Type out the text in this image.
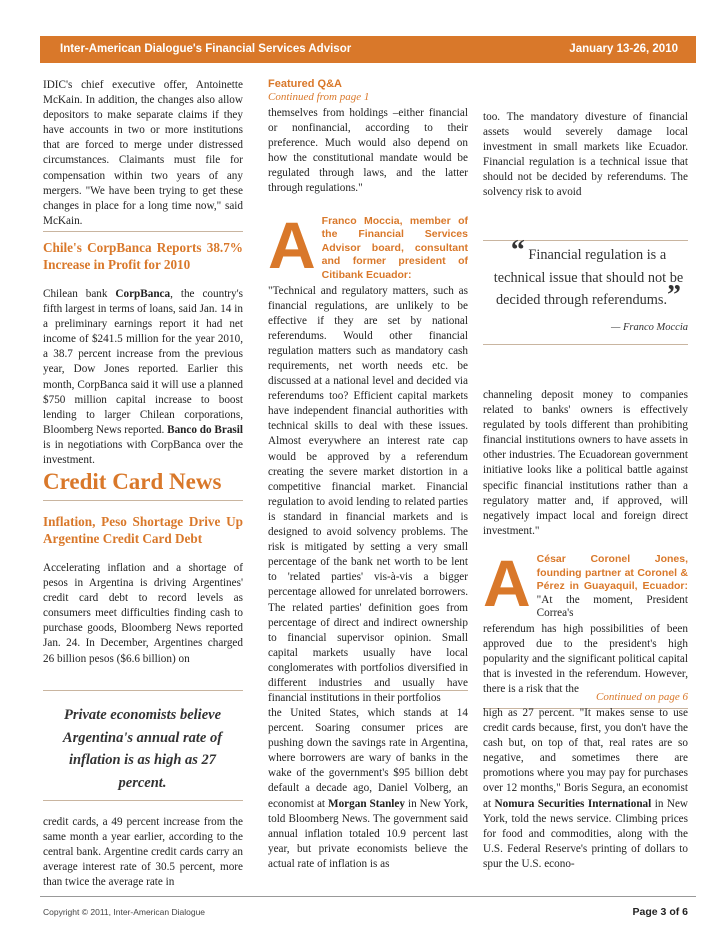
Inter-American Dialogue's Financial Services Advisor	January 13-26, 2010

IDIC's chief executive offer, Antoinette McKain. In addition, the changes also allow depositors to make separate claims if they have accounts in two or more institutions that are forced to merge under distressed circumstances. Claimants must file for compensation within two years of any mergers. "We have been trying to get these changes in place for a long time now," said McKain.

Chile's CorpBanca Reports 38.7% Increase in Profit for 2010

Chilean bank CorpBanca, the country's fifth largest in terms of loans, said Jan. 14 in a preliminary earnings report it had net income of $241.5 million for the year 2010, a 38.7 percent increase from the previous year, Dow Jones reported. Earlier this month, CorpBanca said it will use a planned $750 million capital increase to boost lending to larger Chilean corporations, Bloomberg News reported. Banco do Brasil is in negotiations with CorpBanca over the investment.

Credit Card News

Inflation, Peso Shortage Drive Up Argentine Credit Card Debt

Accelerating inflation and a shortage of pesos in Argentina is driving Argentines' credit card debt to record levels as consumers meet difficulties finding cash to purchase goods, Bloomberg News reported Jan. 24. In December, Argentines charged 26 billion pesos ($6.6 billion) on

Private economists believe Argentina's annual rate of inflation is as high as 27 percent.

credit cards, a 49 percent increase from the same month a year earlier, according to the central bank. Argentine credit cards carry an average interest rate of 30.5 percent, more than twice the average rate in

Featured Q&A
Continued from page 1

themselves from holdings –either financial or nonfinancial, according to their preference. Much would also depend on how the constitutional mandate would be regulated through laws, and the latter through regulations."

A Franco Moccia, member of the Financial Services Advisor board, consultant and former president of Citibank Ecuador:

"Technical and regulatory matters, such as financial regulations, are unlikely to be effective if they are set by national referendums. Would other financial regulation matters such as mandatory cash requirements, net worth needs etc. be discussed at a national level and decided via referendums too? Efficient capital markets have independent financial authorities with technical skills to deal with these issues. Almost everywhere an interest rate cap would be approved by a referendum creating the severe market distortion in a competitive financial market. Financial regulation to avoid lending to related parties is standard in financial markets and is designed to avoid solvency problems. The risk is mitigated by setting a very small percentage of the bank net worth to be lent to 'related parties' vis-à-vis a bigger percentage allowed for unrelated borrowers. The related parties' definition goes from percentage of direct and indirect ownership to financial supervisor opinion. Small capital markets usually have local conglomerates with portfolios diversified in different industries and usually have financial institutions in their portfolios

the United States, which stands at 14 percent. Soaring consumer prices are pushing down the savings rate in Argentina, where borrowers are wary of banks in the wake of the government's $95 billion debt default a decade ago, Daniel Volberg, an economist at Morgan Stanley in New York, told Bloomberg News. The government said annual inflation totaled 10.9 percent last year, but private economists believe the actual rate of inflation is as

too. The mandatory divesture of financial assets would severely damage local investment in small markets like Ecuador. Financial regulation is a technical issue that should not be decided by referendums. The solvency risk to avoid

“ Financial regulation is a technical issue that should not be decided through referendums.”
— Franco Moccia

channeling deposit money to companies related to banks' owners is effectively regulated by tools different than prohibiting financial institutions owners to have assets in other industries. The Ecuadorean government initiative looks like a political battle against specific financial institutions rather than a regulatory matter and, if approved, will negatively impact local and foreign direct investment."

A César Coronel Jones, founding partner at Coronel & Pérez in Guayaquil, Ecuador: "At the moment, President Correa's

referendum has high possibilities of been approved due to the president's high popularity and the significant political capital that is invested in the referendum. However, there is a risk that the

Continued on page 6

high as 27 percent. "It makes sense to use credit cards because, first, you don't have the cash but, on top of that, real rates are so negative, and sometimes there are promotions where you may pay for purchases over 12 months," Boris Segura, an economist at Nomura Securities International in New York, told the news service. Climbing prices for food and commodities, along with the U.S. Federal Reserve's printing of dollars to spur the U.S. econo-

Copyright © 2011, Inter-American Dialogue	Page 3 of 6
